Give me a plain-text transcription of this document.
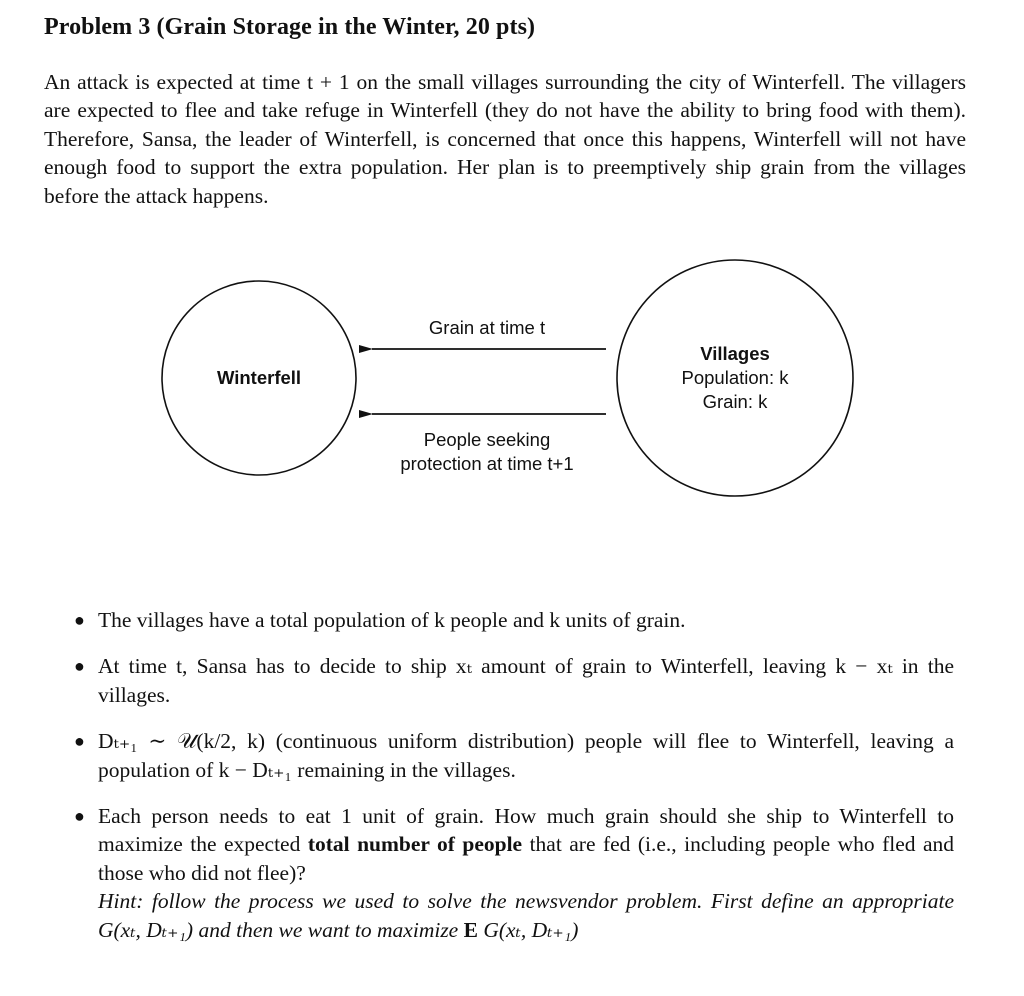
Problem 3 (Grain Storage in the Winter, 20 pts)
An attack is expected at time t + 1 on the small villages surrounding the city of Winterfell. The villagers are expected to flee and take refuge in Winterfell (they do not have the ability to bring food with them). Therefore, Sansa, the leader of Winterfell, is concerned that once this happens, Winterfell will not have enough food to support the extra population. Her plan is to preemptively ship grain from the villages before the attack happens.
Winterfell
Grain at time t
People seeking
protection at time t+1
Villages
Population: k
Grain: k
● The villages have a total population of k people and k units of grain.
● At time t, Sansa has to decide to ship xₜ amount of grain to Winterfell, leaving k − xₜ in the villages.
● Dₜ₊₁ ∼ 𝒰(k/2, k) (continuous uniform distribution) people will flee to Winterfell, leaving a population of k − Dₜ₊₁ remaining in the villages.
● Each person needs to eat 1 unit of grain. How much grain should she ship to Winterfell to maximize the expected total number of people that are fed (i.e., including people who fled and those who did not flee)?
Hint: follow the process we used to solve the newsvendor problem. First define an appropriate G(xₜ, Dₜ₊₁) and then we want to maximize E G(xₜ, Dₜ₊₁)
